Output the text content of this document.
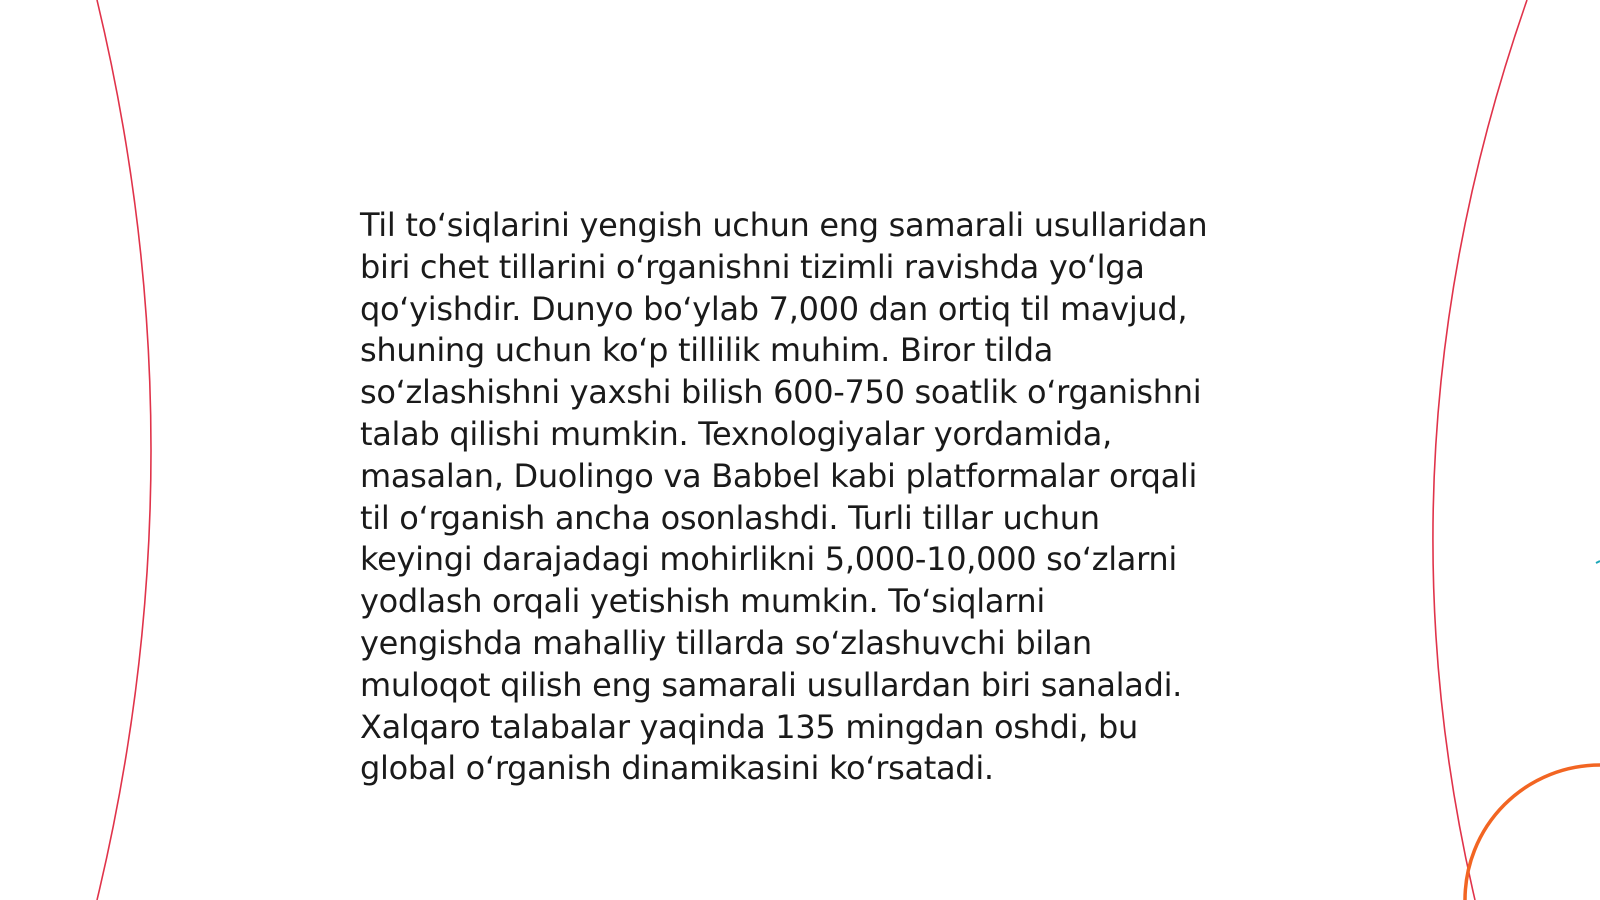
Til to‘siqlarini yengish uchun eng samarali usullaridan
biri chet tillarini o‘rganishni tizimli ravishda yo‘lga
qo‘yishdir. Dunyo bo‘ylab 7,000 dan ortiq til mavjud,
shuning uchun ko‘p tillilik muhim. Biror tilda
so‘zlashishni yaxshi bilish 600-750 soatlik o‘rganishni
talab qilishi mumkin. Texnologiyalar yordamida,
masalan, Duolingo va Babbel kabi platformalar orqali
til o‘rganish ancha osonlashdi. Turli tillar uchun
keyingi darajadagi mohirlikni 5,000-10,000 so‘zlarni
yodlash orqali yetishish mumkin. To‘siqlarni
yengishda mahalliy tillarda so‘zlashuvchi bilan
muloqot qilish eng samarali usullardan biri sanaladi.
Xalqaro talabalar yaqinda 135 mingdan oshdi, bu
global o‘rganish dinamikasini ko‘rsatadi.
